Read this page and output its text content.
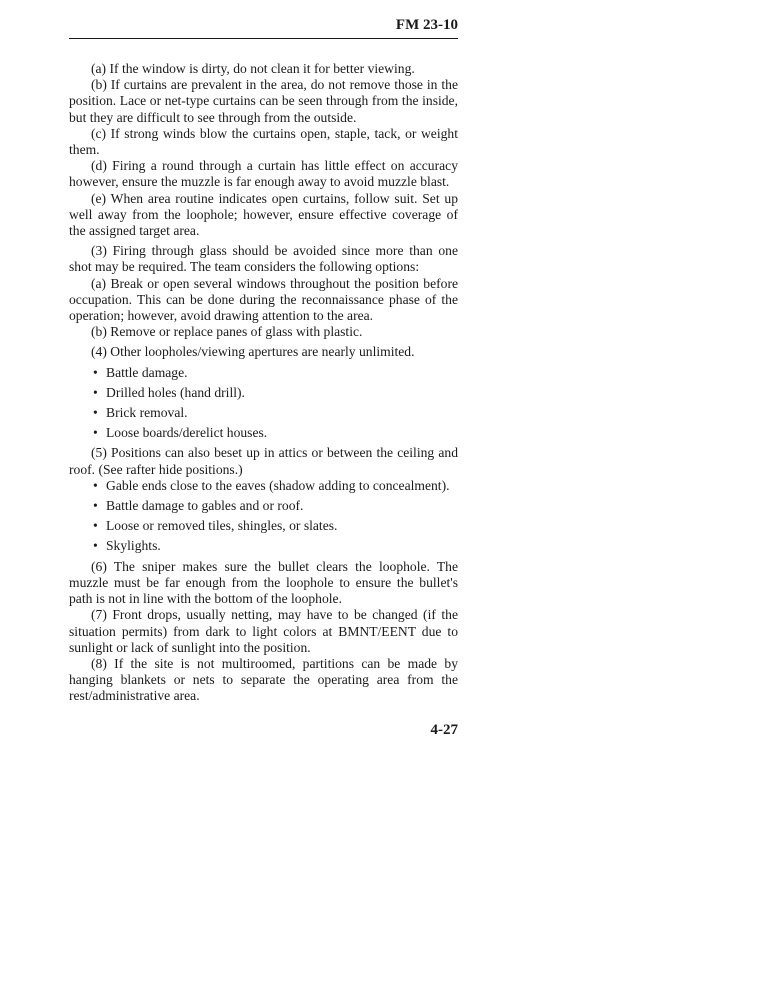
FM 23-10

(a) If the window is dirty, do not clean it for better viewing.

(b) If curtains are prevalent in the area, do not remove those in the position. Lace or net-type curtains can be seen through from the inside, but they are difficult to see through from the outside.

(c) If strong winds blow the curtains open, staple, tack, or weight them.

(d) Firing a round through a curtain has little effect on accuracy however, ensure the muzzle is far enough away to avoid muzzle blast.

(e) When area routine indicates open curtains, follow suit. Set up well away from the loophole; however, ensure effective coverage of the assigned target area.

(3) Firing through glass should be avoided since more than one shot may be required. The team considers the following options:

(a) Break or open several windows throughout the position before occupation. This can be done during the reconnaissance phase of the operation; however, avoid drawing attention to the area.

(b) Remove or replace panes of glass with plastic.

(4) Other loopholes/viewing apertures are nearly unlimited.

• Battle damage.
• Drilled holes (hand drill).
• Brick removal.
• Loose boards/derelict houses.

(5) Positions can also beset up in attics or between the ceiling and roof. (See rafter hide positions.)

• Gable ends close to the eaves (shadow adding to concealment).
• Battle damage to gables and or roof.
• Loose or removed tiles, shingles, or slates.
• Skylights.

(6) The sniper makes sure the bullet clears the loophole. The muzzle must be far enough from the loophole to ensure the bullet's path is not in line with the bottom of the loophole.

(7) Front drops, usually netting, may have to be changed (if the situation permits) from dark to light colors at BMNT/EENT due to sunlight or lack of sunlight into the position.

(8) If the site is not multiroomed, partitions can be made by hanging blankets or nets to separate the operating area from the rest/administrative area.

4-27
